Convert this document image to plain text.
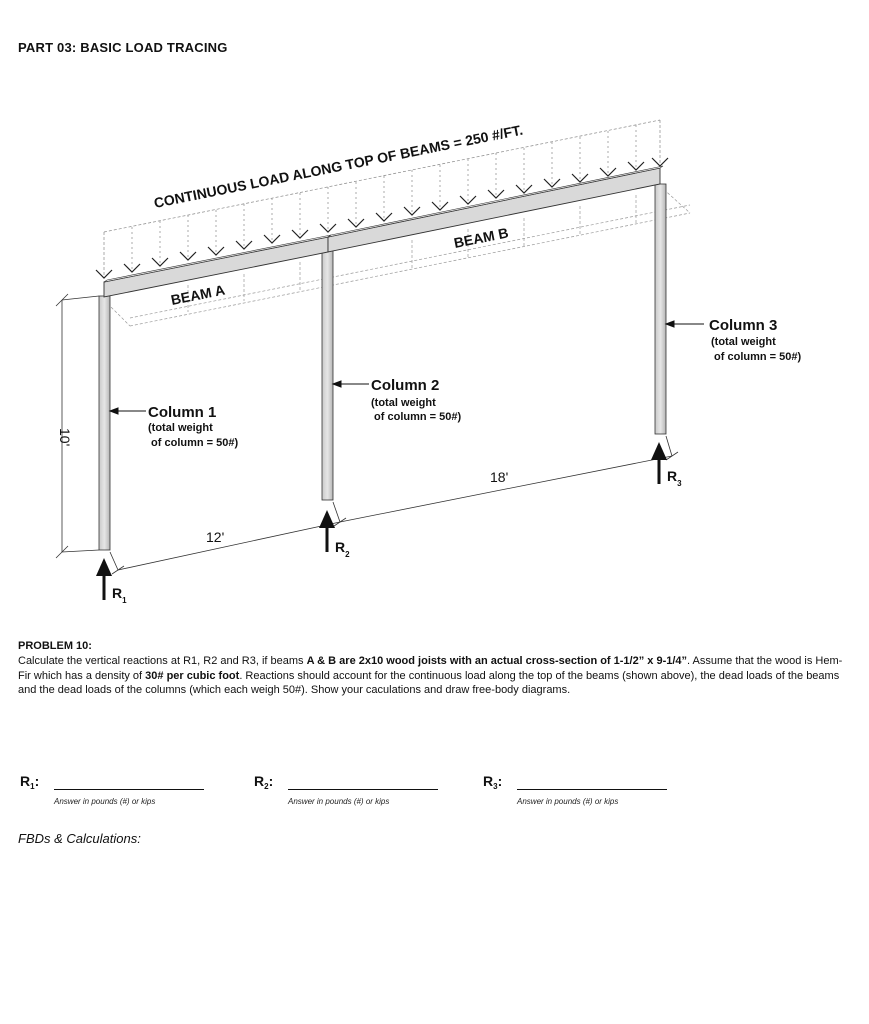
PART 03: BASIC LOAD TRACING
CONTINUOUS LOAD ALONG TOP OF BEAMS = 250 #/FT.
BEAM A
BEAM B
Column 1
(total weight
of column = 50#)
Column 2
(total weight
of column = 50#)
Column 3
(total weight
of column = 50#)
10'
12'
18'
$R_1$
$R_2$
$R_3$
PROBLEM 10:
Calculate the vertical reactions at R1, R2 and R3, if beams A & B are 2x10 wood joists with an actual cross-section of 1-1/2” x 9-1/4”. Assume that the wood is Hem-Fir which has a density of 30# per cubic foot. Reactions should account for the continuous load along the top of the beams (shown above), the dead loads of the beams and the dead loads of the columns (which each weigh 50#). Show your caculations and draw free-body diagrams.
$R_1$:
Answer in pounds (#) or kips
$R_2$:
Answer in pounds (#) or kips
$R_3$:
Answer in pounds (#) or kips
FBDs & Calculations:
